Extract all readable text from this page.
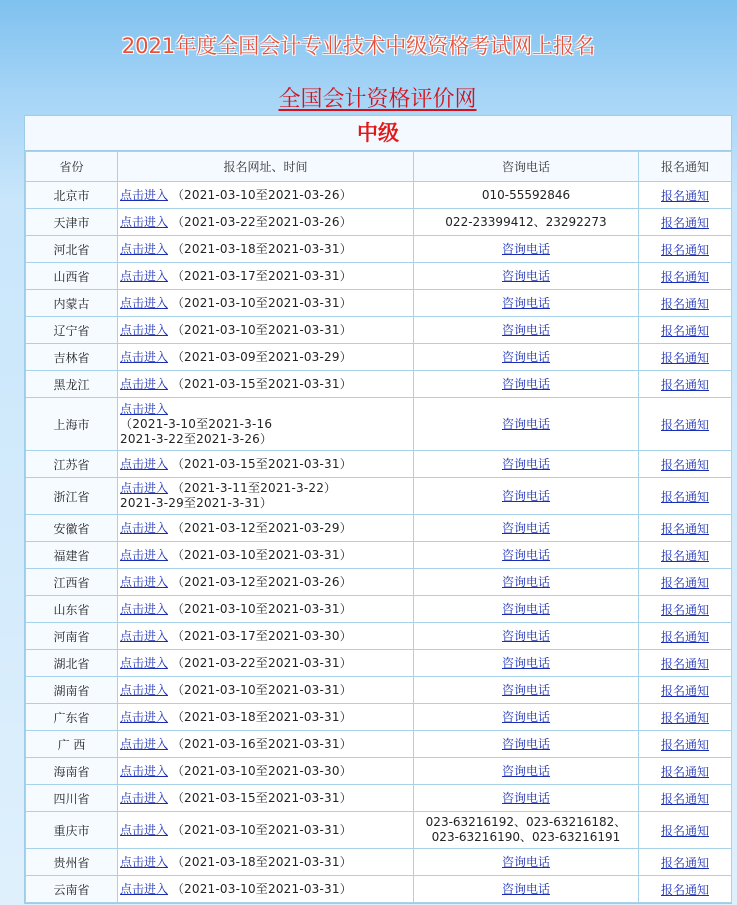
2021年度全国会计专业技术中级资格考试网上报名
全国会计资格评价网
中级
省份	报名网址、时间	咨询电话	报名通知
北京市	点击进入 （2021-03-10至2021-03-26）	010-55592846	报名通知
天津市	点击进入 （2021-03-22至2021-03-26）	022-23399412、23292273	报名通知
河北省	点击进入 （2021-03-18至2021-03-31）	咨询电话	报名通知
山西省	点击进入 （2021-03-17至2021-03-31）	咨询电话	报名通知
内蒙古	点击进入 （2021-03-10至2021-03-31）	咨询电话	报名通知
辽宁省	点击进入 （2021-03-10至2021-03-31）	咨询电话	报名通知
吉林省	点击进入 （2021-03-09至2021-03-29）	咨询电话	报名通知
黑龙江	点击进入 （2021-03-15至2021-03-31）	咨询电话	报名通知
上海市	点击进入
（2021-3-10至2021-3-16
2021-3-22至2021-3-26）	咨询电话	报名通知
江苏省	点击进入 （2021-03-15至2021-03-31）	咨询电话	报名通知
浙江省	点击进入 （2021-3-11至2021-3-22）
2021-3-29至2021-3-31）	咨询电话	报名通知
安徽省	点击进入 （2021-03-12至2021-03-29）	咨询电话	报名通知
福建省	点击进入 （2021-03-10至2021-03-31）	咨询电话	报名通知
江西省	点击进入 （2021-03-12至2021-03-26）	咨询电话	报名通知
山东省	点击进入 （2021-03-10至2021-03-31）	咨询电话	报名通知
河南省	点击进入 （2021-03-17至2021-03-30）	咨询电话	报名通知
湖北省	点击进入 （2021-03-22至2021-03-31）	咨询电话	报名通知
湖南省	点击进入 （2021-03-10至2021-03-31）	咨询电话	报名通知
广东省	点击进入 （2021-03-18至2021-03-31）	咨询电话	报名通知
广 西	点击进入 （2021-03-16至2021-03-31）	咨询电话	报名通知
海南省	点击进入 （2021-03-10至2021-03-30）	咨询电话	报名通知
四川省	点击进入 （2021-03-15至2021-03-31）	咨询电话	报名通知
重庆市	点击进入 （2021-03-10至2021-03-31）	023-63216192、023-63216182、
023-63216190、023-63216191	报名通知
贵州省	点击进入 （2021-03-18至2021-03-31）	咨询电话	报名通知
云南省	点击进入 （2021-03-10至2021-03-31）	咨询电话	报名通知
